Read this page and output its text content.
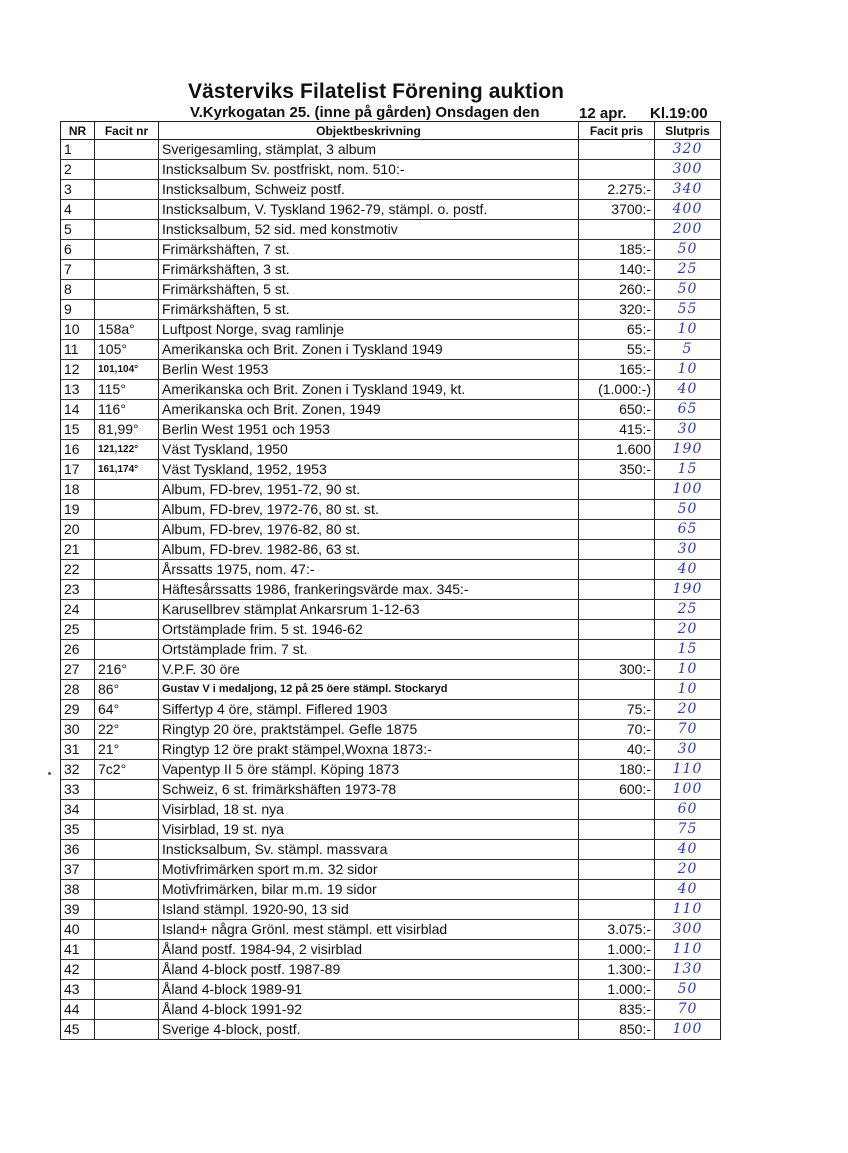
Västerviks Filatelist Förening auktion
V.Kyrkogatan 25. (inne på gården) Onsdagen den	12 apr. Kl.19:00
NR	Facit nr	Objektbeskrivning	Facit pris	Slutpris
1		Sverigesamling, stämplat, 3 album		320
2		Insticksalbum Sv. postfriskt, nom. 510:-		300
3		Insticksalbum, Schweiz postf.	2.275:-	340
4		Insticksalbum, V. Tyskland 1962-79, stämpl. o. postf.	3700:-	400
5		Insticksalbum, 52 sid. med konstmotiv		200
6		Frimärkshäften, 7 st.	185:-	50
7		Frimärkshäften, 3 st.	140:-	25
8		Frimärkshäften, 5 st.	260:-	50
9		Frimärkshäften, 5 st.	320:-	55
10	158a°	Luftpost Norge, svag ramlinje	65:-	10
11	105°	Amerikanska och Brit. Zonen i Tyskland 1949	55:-	5
12	101,104°	Berlin West 1953	165:-	10
13	115°	Amerikanska och Brit. Zonen i Tyskland 1949, kt.	(1.000:-)	40
14	116°	Amerikanska och Brit. Zonen, 1949	650:-	65
15	81,99°	Berlin West 1951 och 1953	415:-	30
16	121,122°	Väst Tyskland, 1950	1.600	190
17	161,174°	Väst Tyskland, 1952, 1953	350:-	15
18		Album, FD-brev, 1951-72, 90 st.		100
19		Album, FD-brev, 1972-76, 80 st. st.		50
20		Album, FD-brev, 1976-82, 80 st.		65
21		Album, FD-brev. 1982-86, 63 st.		30
22		Årssatts 1975, nom. 47:-		40
23		Häftesårssatts 1986, frankeringsvärde max. 345:-		190
24		Karusellbrev stämplat Ankarsrum 1-12-63		25
25		Ortstämplade frim. 5 st. 1946-62		20
26		Ortstämplade frim. 7 st.		15
27	216°	V.P.F. 30 öre	300:-	10
28	86°	Gustav V i medaljong, 12 på 25 öere stämpl. Stockaryd		10
29	64°	Siffertyp 4 öre, stämpl. Fiflered 1903	75:-	20
30	22°	Ringtyp 20 öre, praktstämpel. Gefle 1875	70:-	70
31	21°	Ringtyp 12 öre prakt stämpel,Woxna 1873:-	40:-	30
32	7c2°	Vapentyp II 5 öre stämpl. Köping 1873	180:-	110
33		Schweiz, 6 st. frimärkshäften 1973-78	600:-	100
34		Visirblad, 18 st. nya		60
35		Visirblad, 19 st. nya		75
36		Insticksalbum, Sv. stämpl. massvara		40
37		Motivfrimärken sport m.m. 32 sidor		20
38		Motivfrimärken, bilar m.m. 19 sidor		40
39		Island stämpl. 1920-90, 13 sid		110
40		Island+ några Grönl. mest stämpl. ett visirblad	3.075:-	300
41		Åland postf. 1984-94, 2 visirblad	1.000:-	110
42		Åland 4-block postf. 1987-89	1.300:-	130
43		Åland 4-block 1989-91	1.000:-	50
44		Åland 4-block 1991-92	835:-	70
45		Sverige 4-block, postf.	850:-	100
